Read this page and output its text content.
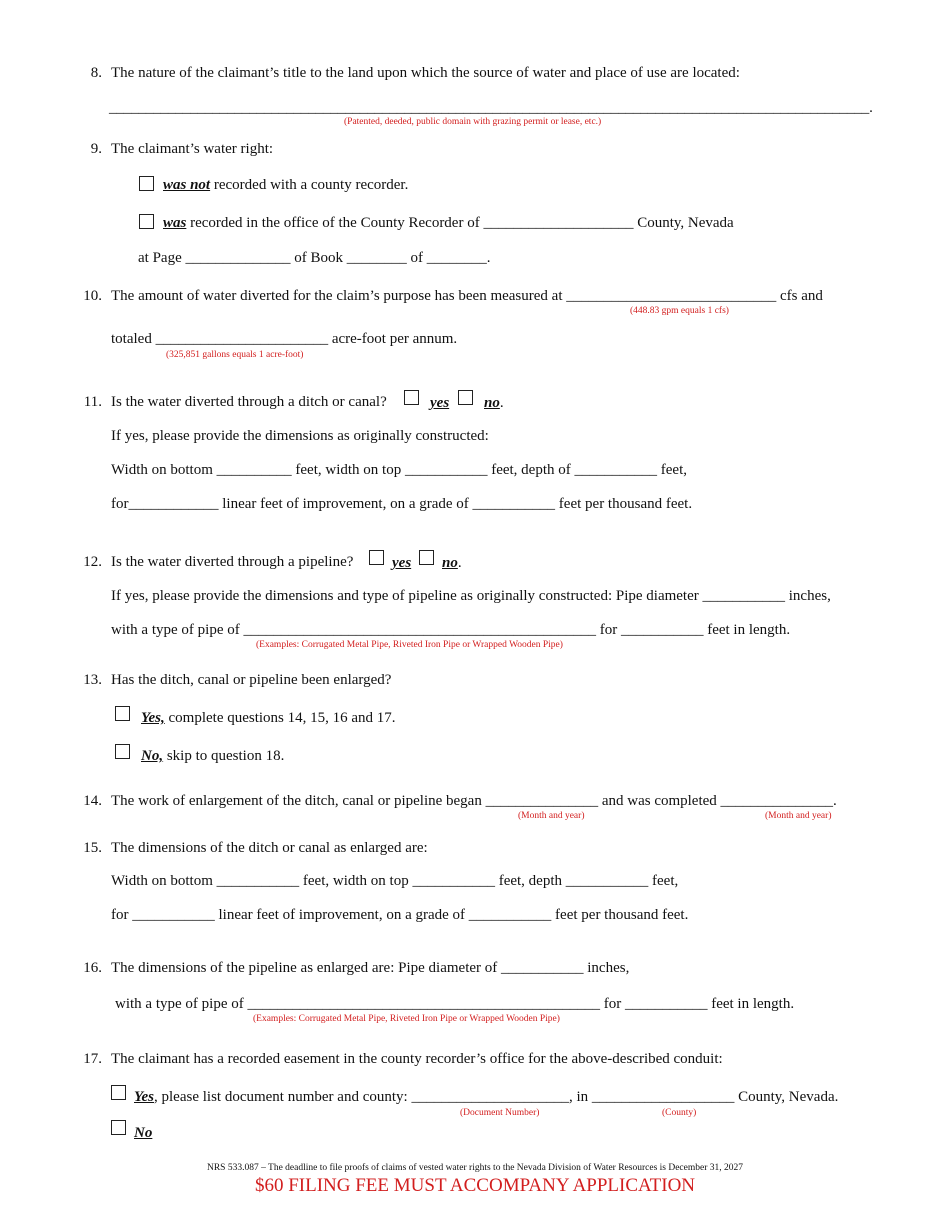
8. The nature of the claimant’s title to the land upon which the source of water and place of use are located:
_______________________________________________________________________________________________________.
(Patented, deeded, public domain with grazing permit or lease, etc.)
9. The claimant’s water right:
was not recorded with a county recorder.
was recorded in the office of the County Recorder of ____________________ County, Nevada
at Page ______________ of Book ________ of ________.
10. The amount of water diverted for the claim’s purpose has been measured at ____________________________ cfs and
(448.83 gpm equals 1 cfs)
totaled _______________________ acre-foot per annum.
(325,851 gallons equals 1 acre-foot)
11. Is the water diverted through a ditch or canal?	yes no.
If yes, please provide the dimensions as originally constructed:
Width on bottom __________ feet, width on top ___________ feet, depth of ___________ feet,
for____________ linear feet of improvement, on a grade of ___________ feet per thousand feet.
12. Is the water diverted through a pipeline?	yes no.
If yes, please provide the dimensions and type of pipeline as originally constructed: Pipe diameter ___________ inches,
with a type of pipe of _______________________________________________ for ___________ feet in length.
(Examples: Corrugated Metal Pipe, Riveted Iron Pipe or Wrapped Wooden Pipe)
13. Has the ditch, canal or pipeline been enlarged?
Yes, complete questions 14, 15, 16 and 17.
No, skip to question 18.
14. The work of enlargement of the ditch, canal or pipeline began _______________ and was completed _______________.
(Month and year)	(Month and year)
15. The dimensions of the ditch or canal as enlarged are:
Width on bottom ___________ feet, width on top ___________ feet, depth ___________ feet,
for ___________ linear feet of improvement, on a grade of ___________ feet per thousand feet.
16. The dimensions of the pipeline as enlarged are: Pipe diameter of ___________ inches,
with a type of pipe of _______________________________________________ for ___________ feet in length.
(Examples: Corrugated Metal Pipe, Riveted Iron Pipe or Wrapped Wooden Pipe)
17. The claimant has a recorded easement in the county recorder’s office for the above-described conduit:
Yes, please list document number and county: _____________________, in ___________________ County, Nevada.
(Document Number)	(County)
No
NRS 533.087 – The deadline to file proofs of claims of vested water rights to the Nevada Division of Water Resources is December 31, 2027
$60 FILING FEE MUST ACCOMPANY APPLICATION
